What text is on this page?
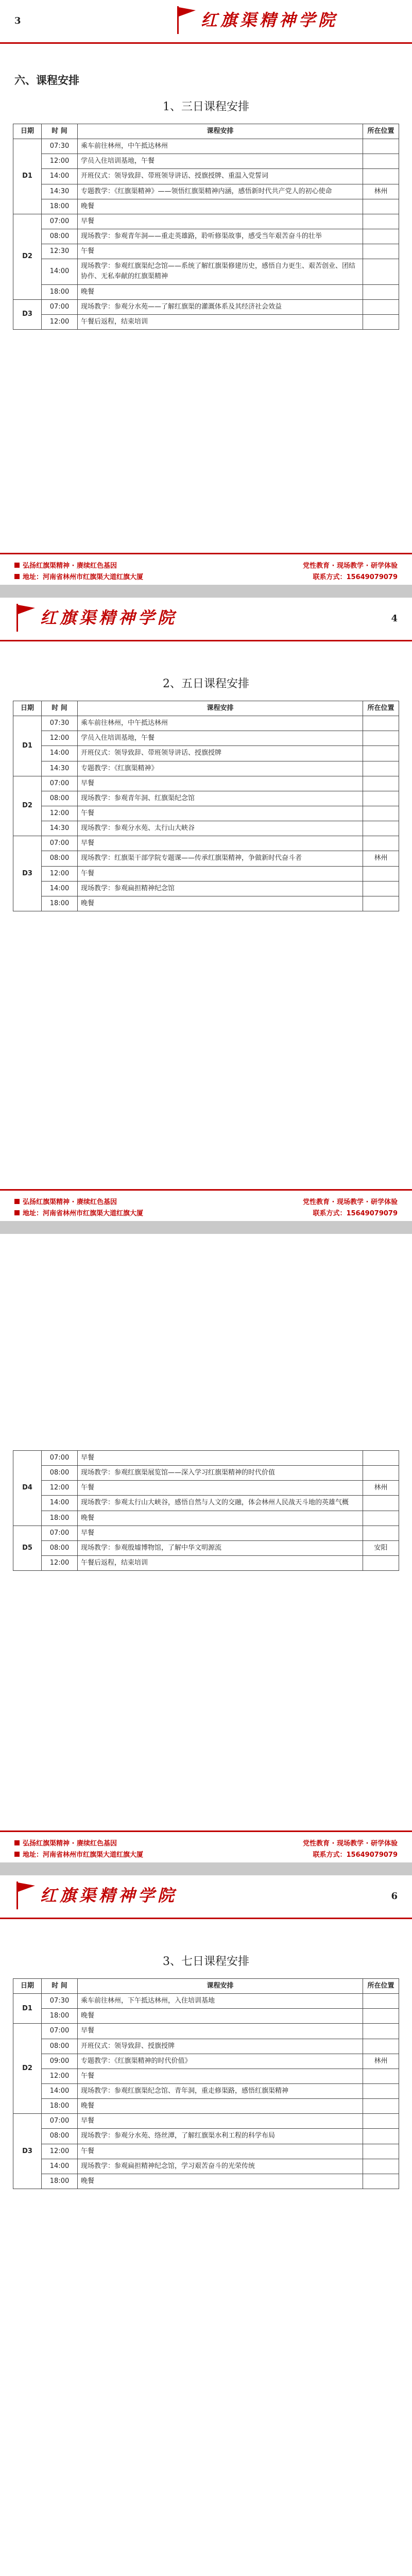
3	红旗渠精神学院
六、课程安排
1、三日课程安排
日期	时 间	课程安排	所在位置
D1	07:30	乘车前往林州，中午抵达林州	
	12:00	学员入住培训基地，午餐	
	14:00	开班仪式：领导致辞、带班领导讲话、授旗授牌、重温入党誓词	
	14:30	专题教学：《红旗渠精神》——领悟红旗渠精神内涵，感悟新时代共产党人的初心使命	林州
	18:00	晚餐	
D2	07:00	早餐	
	08:00	现场教学：参观青年洞——重走英雄路，聆听修渠故事，感受当年艰苦奋斗的壮举	
	12:30	午餐	
	14:00	现场教学：参观红旗渠纪念馆——系统了解红旗渠修建历史，感悟自力更生、艰苦创业、团结协作、无私奉献的红旗渠精神	
	18:00	晚餐	
D3	07:00	现场教学：参观分水苑——了解红旗渠的灌溉体系及其经济社会效益	
	12:00	午餐后返程，结束培训	
弘扬红旗渠精神 · 赓续红色基因	党性教育 · 现场教学 · 研学体验
地址：河南省林州市红旗渠大道红旗大厦	联系方式：15649079079
红旗渠精神学院	4
2、五日课程安排
日期	时 间	课程安排	所在位置
D1	07:30	乘车前往林州，中午抵达林州	
	12:00	学员入住培训基地，午餐	
	14:00	开班仪式：领导致辞、带班领导讲话、授旗授牌	
	14:30	专题教学：《红旗渠精神》	
D2	07:00	早餐	
	08:00	现场教学：参观青年洞、红旗渠纪念馆	
	12:00	午餐	
	14:30	现场教学：参观分水苑、太行山大峡谷	
D3	07:00	早餐	
	08:00	现场教学：红旗渠干部学院专题课——传承红旗渠精神，争做新时代奋斗者	林州
	12:00	午餐	
	14:00	现场教学：参观扁担精神纪念馆	
	18:00	晚餐	
弘扬红旗渠精神 · 赓续红色基因	党性教育 · 现场教学 · 研学体验
地址：河南省林州市红旗渠大道红旗大厦	联系方式：15649079079
D4	07:00	早餐	
	08:00	现场教学：参观红旗渠展览馆——深入学习红旗渠精神的时代价值	
	12:00	午餐	林州
	14:00	现场教学：参观太行山大峡谷，感悟自然与人文的交融，体会林州人民战天斗地的英雄气概	
	18:00	晚餐	
D5	07:00	早餐	
	08:00	现场教学：参观殷墟博物馆，了解中华文明源流	安阳
	12:00	午餐后返程，结束培训	
弘扬红旗渠精神 · 赓续红色基因	党性教育 · 现场教学 · 研学体验
地址：河南省林州市红旗渠大道红旗大厦	联系方式：15649079079
红旗渠精神学院	6
3、七日课程安排
日期	时 间	课程安排	所在位置
D1	07:30	乘车前往林州，下午抵达林州，入住培训基地	
	18:00	晚餐	
D2	07:00	早餐	
	08:00	开班仪式：领导致辞、授旗授牌	
	09:00	专题教学：《红旗渠精神的时代价值》	林州
	12:00	午餐	
	14:00	现场教学：参观红旗渠纪念馆、青年洞，重走修渠路，感悟红旗渠精神	
	18:00	晚餐	
D3	07:00	早餐	
	08:00	现场教学：参观分水苑、络丝潭，了解红旗渠水利工程的科学布局	
	12:00	午餐	
	14:00	现场教学：参观扁担精神纪念馆，学习艰苦奋斗的光荣传统	
	18:00	晚餐	
